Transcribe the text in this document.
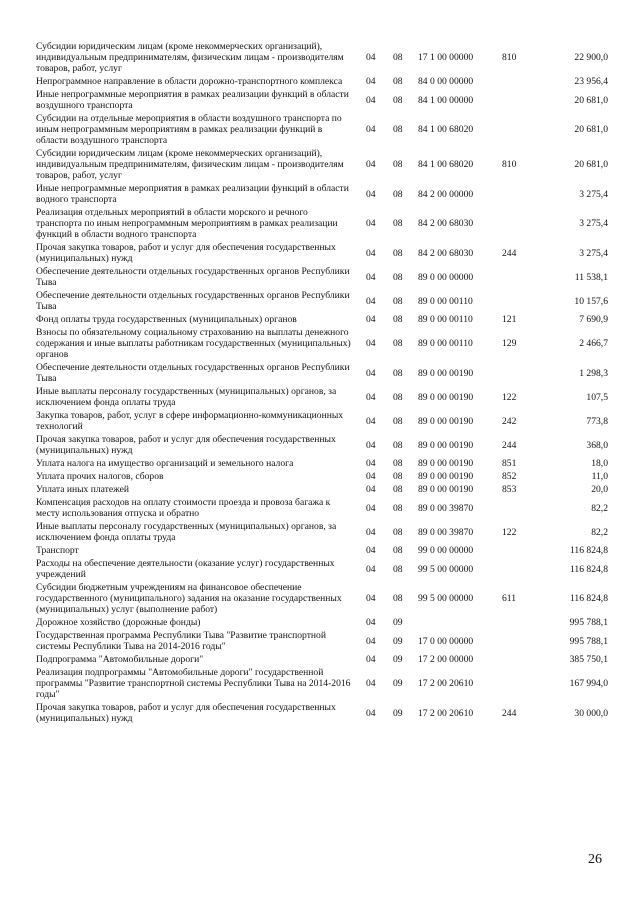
Субсидии юридическим лицам (кроме некоммерческих организаций), индивидуальным предпринимателям, физическим лицам - производителям товаров, работ, услуг	04	08	17 1 00 00000	810	22 900,0
Непрограммное направление в области дорожно-транспортного комплекса	04	08	84 0 00 00000		23 956,4
Иные непрограммные мероприятия в рамках реализации функций в области воздушного транспорта	04	08	84 1 00 00000		20 681,0
Субсидии на отдельные мероприятия в области воздушного транспорта по иным непрограммным мероприятиям в рамках реализации функций в области воздушного транспорта	04	08	84 1 00 68020		20 681,0
Субсидии юридическим лицам (кроме некоммерческих организаций), индивидуальным предпринимателям, физическим лицам - производителям товаров, работ, услуг	04	08	84 1 00 68020	810	20 681,0
Иные непрограммные мероприятия в рамках реализации функций в области водного транспорта	04	08	84 2 00 00000		3 275,4
Реализация отдельных мероприятий в области морского и речного транспорта по иным непрограммным мероприятиям в рамках реализации функций в области водного транспорта	04	08	84 2 00 68030		3 275,4
Прочая закупка товаров, работ и услуг для обеспечения государственных (муниципальных) нужд	04	08	84 2 00 68030	244	3 275,4
Обеспечение деятельности отдельных государственных органов Республики Тыва	04	08	89 0 00 00000		11 538,1
Обеспечение деятельности отдельных государственных органов Республики Тыва	04	08	89 0 00 00110		10 157,6
Фонд оплаты труда государственных (муниципальных) органов	04	08	89 0 00 00110	121	7 690,9
Взносы по обязательному социальному страхованию на выплаты денежного содержания и иные выплаты работникам государственных (муниципальных) органов	04	08	89 0 00 00110	129	2 466,7
Обеспечение деятельности отдельных государственных органов Республики Тыва	04	08	89 0 00 00190		1 298,3
Иные выплаты персоналу государственных (муниципальных) органов, за исключением фонда оплаты труда	04	08	89 0 00 00190	122	107,5
Закупка товаров, работ, услуг в сфере информационно-коммуникационных технологий	04	08	89 0 00 00190	242	773,8
Прочая закупка товаров, работ и услуг для обеспечения государственных (муниципальных) нужд	04	08	89 0 00 00190	244	368,0
Уплата налога на имущество организаций и земельного налога	04	08	89 0 00 00190	851	18,0
Уплата прочих налогов, сборов	04	08	89 0 00 00190	852	11,0
Уплата иных платежей	04	08	89 0 00 00190	853	20,0
Компенсация расходов на оплату стоимости проезда и провоза багажа к месту использования отпуска и обратно	04	08	89 0 00 39870		82,2
Иные выплаты персоналу государственных (муниципальных) органов, за исключением фонда оплаты труда	04	08	89 0 00 39870	122	82,2
Транспорт	04	08	99 0 00 00000		116 824,8
Расходы на обеспечение деятельности (оказание услуг) государственных учреждений	04	08	99 5 00 00000		116 824,8
Субсидии бюджетным учреждениям на финансовое обеспечение государственного (муниципального) задания на оказание государственных (муниципальных) услуг (выполнение работ)	04	08	99 5 00 00000	611	116 824,8
Дорожное хозяйство (дорожные фонды)	04	09			995 788,1
Государственная программа Республики Тыва "Развитие транспортной системы Республики Тыва на 2014-2016 годы"	04	09	17 0 00 00000		995 788,1
Подпрограмма "Автомобильные дороги"	04	09	17 2 00 00000		385 750,1
Реализация подпрограммы "Автомобильные дороги" государственной программы "Развитие транспортной системы Республики Тыва на 2014-2016 годы"	04	09	17 2 00 20610		167 994,0
Прочая закупка товаров, работ и услуг для обеспечения государственных (муниципальных) нужд	04	09	17 2 00 20610	244	30 000,0
26
